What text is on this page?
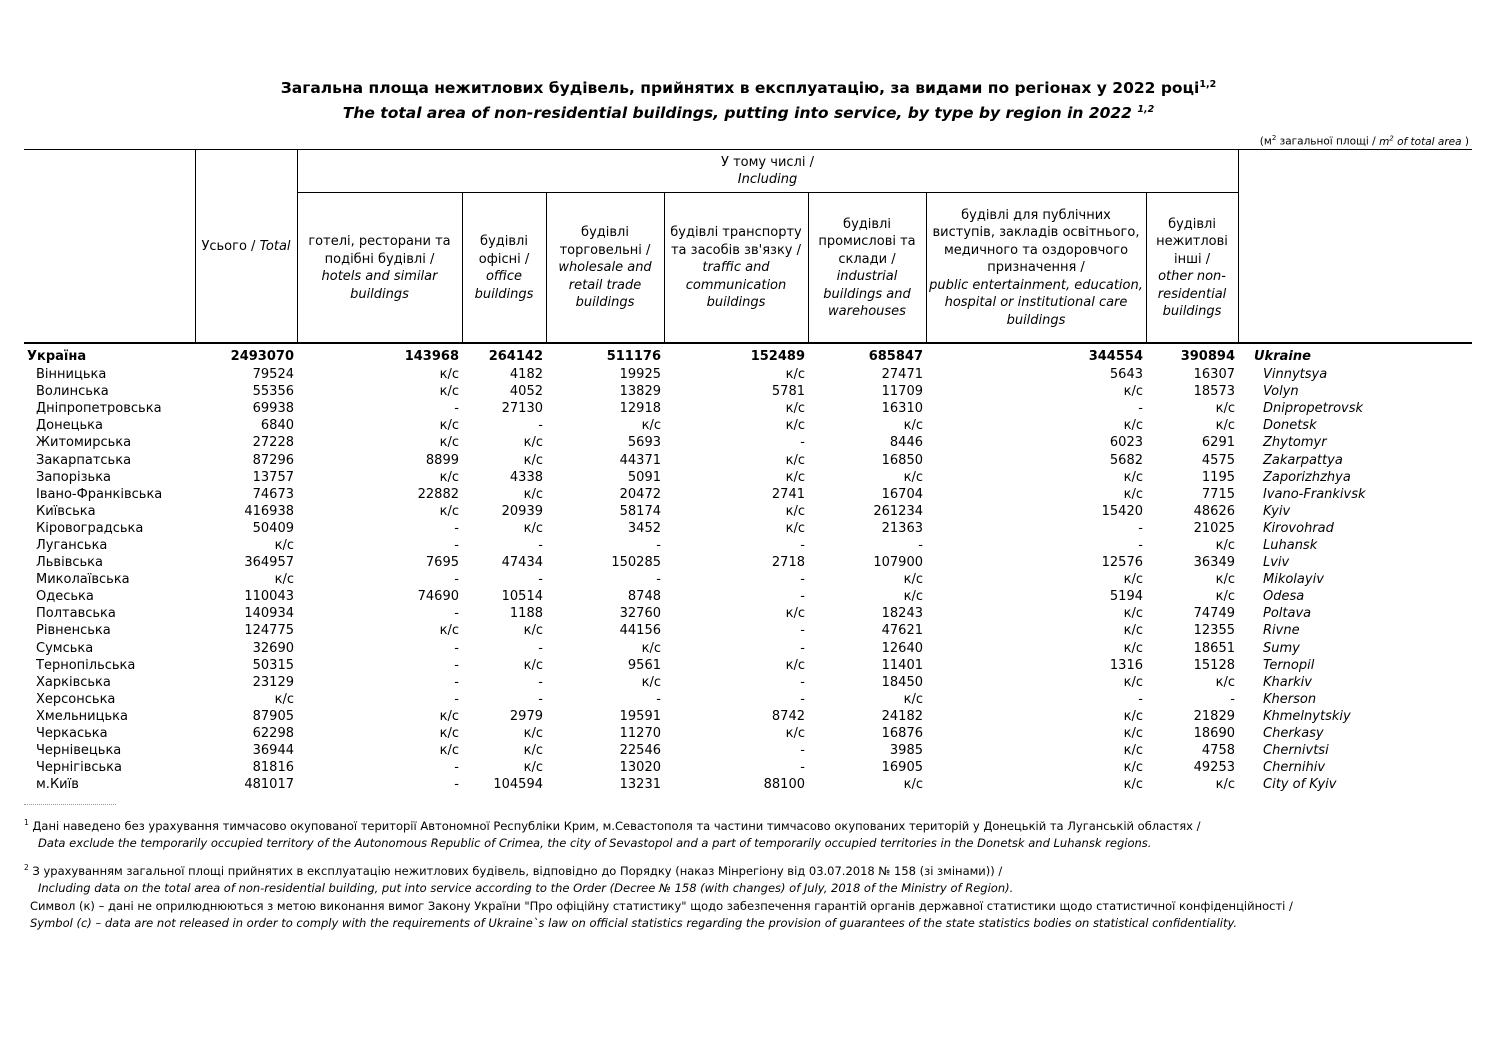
Загальна площа нежитлових будівель, прийнятих в експлуатацію, за видами по регіонах у 2022 році$^{1,2}$
The total area of non-residential buildings, putting into service, by type by region in 2022 $^{1,2}$
($м^2$ загальної площі / $m^2$ of total area )
	Усього / Total	У тому числі /
Including							

		готелі, ресторани та подібні будівлі /
hotels and similar buildings	будівлі офісні /
office buildings	будівлі торговельні /
wholesale and retail trade buildings	будівлі транспорту та засобів зв'язку /
traffic and communication buildings	будівлі промислові та склади /
industrial buildings and warehouses	будівлі для публічних виступів, закладів освітнього, медичного та оздоровчого призначення /
public entertainment, education, hospital or institutional care buildings	будівлі нежитлові інші /
other non-residential buildings	
Україна	2493070	143968	264142	511176	152489	685847	344554	390894	Ukraine
Вінницька	79524	к/с	4182	19925	к/с	27471	5643	16307	Vinnytsya
Волинська	55356	к/с	4052	13829	5781	11709	к/с	18573	Volyn
Дніпропетровська	69938	-	27130	12918	к/с	16310	-	к/с	Dnipropetrovsk
Донецька	6840	к/с	-	к/с	к/с	к/с	к/с	к/с	Donetsk
Житомирська	27228	к/с	к/с	5693	-	8446	6023	6291	Zhytomyr
Закарпатська	87296	8899	к/с	44371	к/с	16850	5682	4575	Zakarpattya
Запорізька	13757	к/с	4338	5091	к/с	к/с	к/с	1195	Zaporizhzhya
Івано-Франківська	74673	22882	к/с	20472	2741	16704	к/с	7715	Ivano-Frankivsk
Київська	416938	к/с	20939	58174	к/с	261234	15420	48626	Kyiv
Кіровоградська	50409	-	к/с	3452	к/с	21363	-	21025	Kirovohrad
Луганська	к/с	-	-	-	-	-	-	к/с	Luhansk
Львівська	364957	7695	47434	150285	2718	107900	12576	36349	Lviv
Миколаївська	к/с	-	-	-	-	к/с	к/с	к/с	Mikolayiv
Одеська	110043	74690	10514	8748	-	к/с	5194	к/с	Odesa
Полтавська	140934	-	1188	32760	к/с	18243	к/с	74749	Poltava
Рівненська	124775	к/с	к/с	44156	-	47621	к/с	12355	Rivne
Сумська	32690	-	-	к/с	-	12640	к/с	18651	Sumy
Тернопільська	50315	-	к/с	9561	к/с	11401	1316	15128	Ternopil
Харківська	23129	-	-	к/с	-	18450	к/с	к/с	Kharkiv
Херсонська	к/с	-	-	-	-	к/с	-	-	Kherson
Хмельницька	87905	к/с	2979	19591	8742	24182	к/с	21829	Khmelnytskiy
Черкаська	62298	к/с	к/с	11270	к/с	16876	к/с	18690	Cherkasy
Чернівецька	36944	к/с	к/с	22546	-	3985	к/с	4758	Chernivtsi
Чернігівська	81816	-	к/с	13020	-	16905	к/с	49253	Chernihiv
м.Київ	481017	-	104594	13231	88100	к/с	к/с	к/с	City of Kyiv
$^1$ Дані наведено без урахування тимчасово окупованої території Автономної Республіки Крим, м.Севастополя та частини тимчасово окупованих територій у Донецькій та Луганській областях /
Data exclude the temporarily occupied territory of the Autonomous Republic of Crimea, the city of Sevastopol and a part of temporarily occupied territories in the Donetsk and Luhansk regions.
$^2$ З урахуванням загальної площі прийнятих в експлуатацію нежитлових будівель, відповідно до Порядку (наказ Мінрегіону від 03.07.2018 № 158 (зі змінами)) /
Including data on the total area of non-residential building, put into service according to the Order (Decree № 158 (with changes) of July, 2018 of the Ministry of Region).
Символ (к) – дані не оприлюднюються з метою виконання вимог Закону України "Про офіційну статистику" щодо забезпечення гарантій органів державної статистики щодо статистичної конфіденційності /
Symbol (c) – data are not released in order to comply with the requirements of Ukraine`s law on official statistics regarding the provision of guarantees of the state statistics bodies on statistical confidentiality.
